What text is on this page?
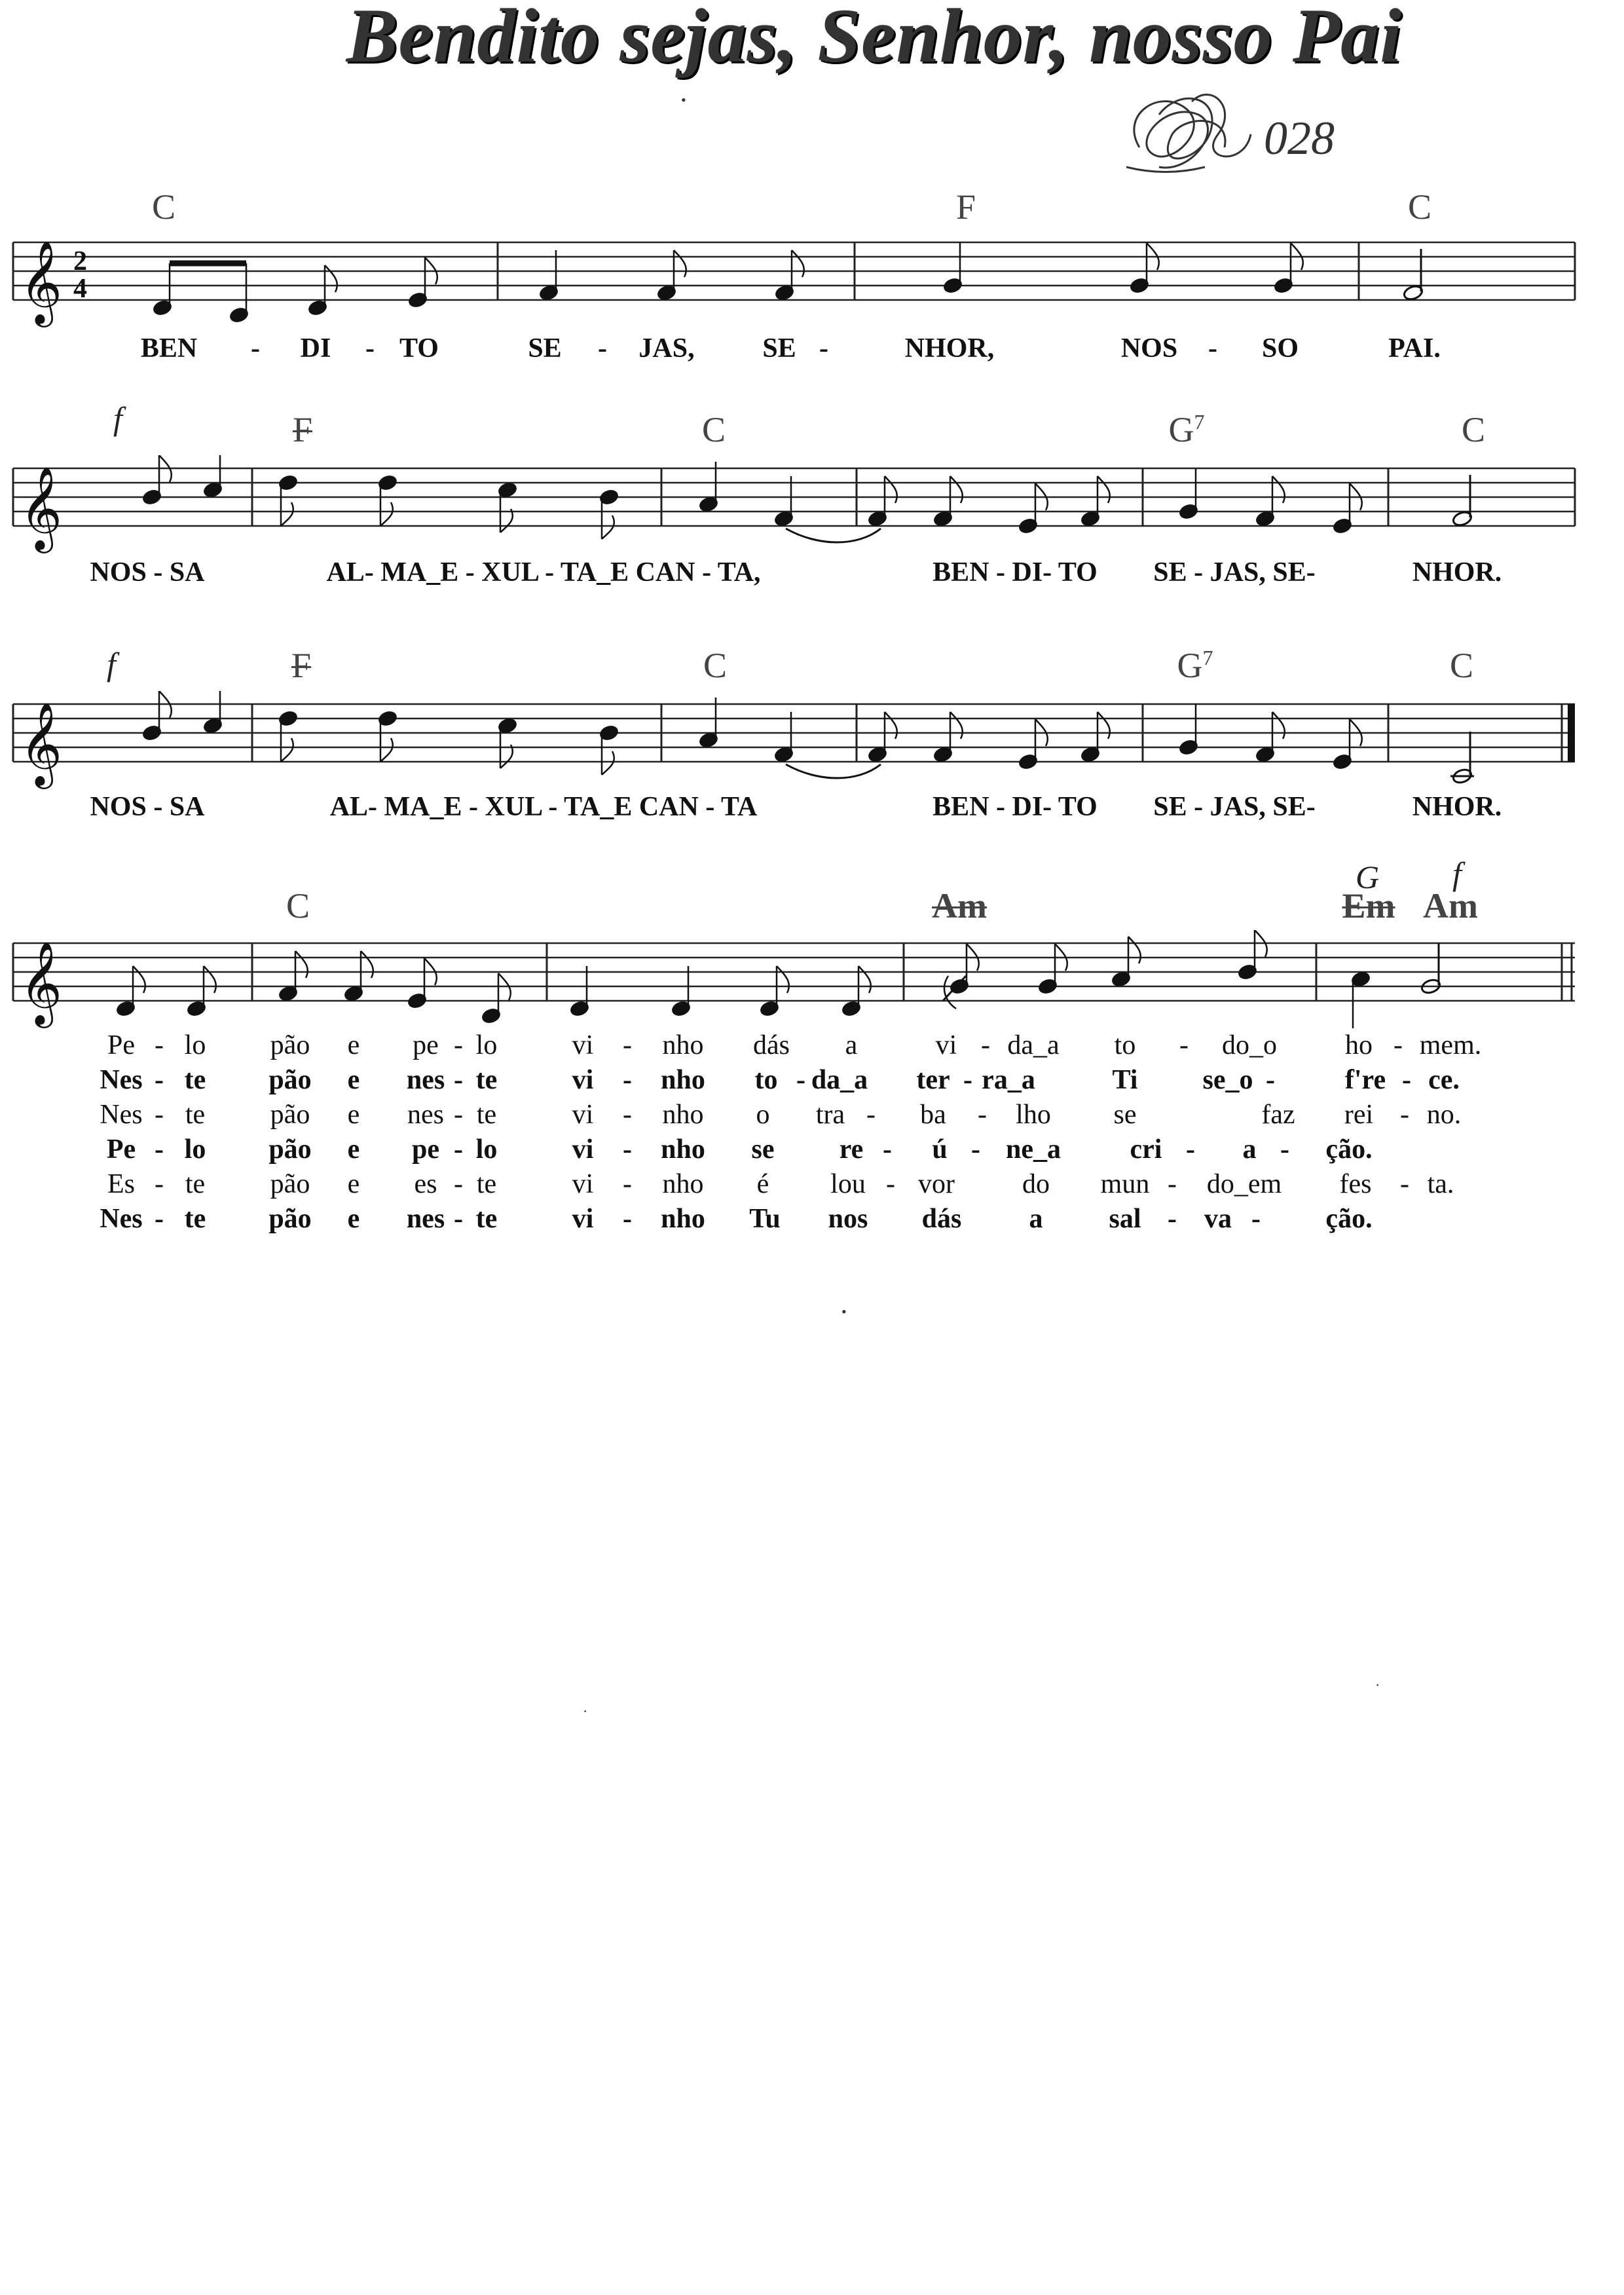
Bendito sejas, Senhor, nosso Pai
028
C	F	C
𝄞 2
4
BEN - DI - TO	SE - JAS, SE -	NHOR,	NOS - SO	PAI.
f	F	C	$G^7$	C
𝄞
NOS - SA	AL- MA_E - XUL - TA_E CAN - TA,	BEN - DI- TO SE - JAS, SE-	NHOR.
f	F	C	$G^7$	C
𝄞
NOS - SA	AL- MA_E - XUL - TA_E CAN - TA	BEN - DI- TO SE - JAS, SE-	NHOR.
G f
C	Am	Em Am
𝄞
Pe - lo pão e pe - lo	vi - nho dás a	vi - da_a to - do_o ho - mem.
Nes - te pão e nes - te	vi - nho to - da_a ter - ra_a	Ti se_o -	f're - ce.
Nes - te pão e nes - te	vi - nho o tra - ba - lho se	faz rei - no.
Pe - lo pão e pe - lo	vi - nho se re - ú - ne_a	cri - a - ção.
Es - te pão e es - te	vi - nho é lou - vor do mun - do_em fes - ta.
Nes - te pão e nes - te	vi - nho Tu nos dás a sal - va - ção.
•
•
·
·
